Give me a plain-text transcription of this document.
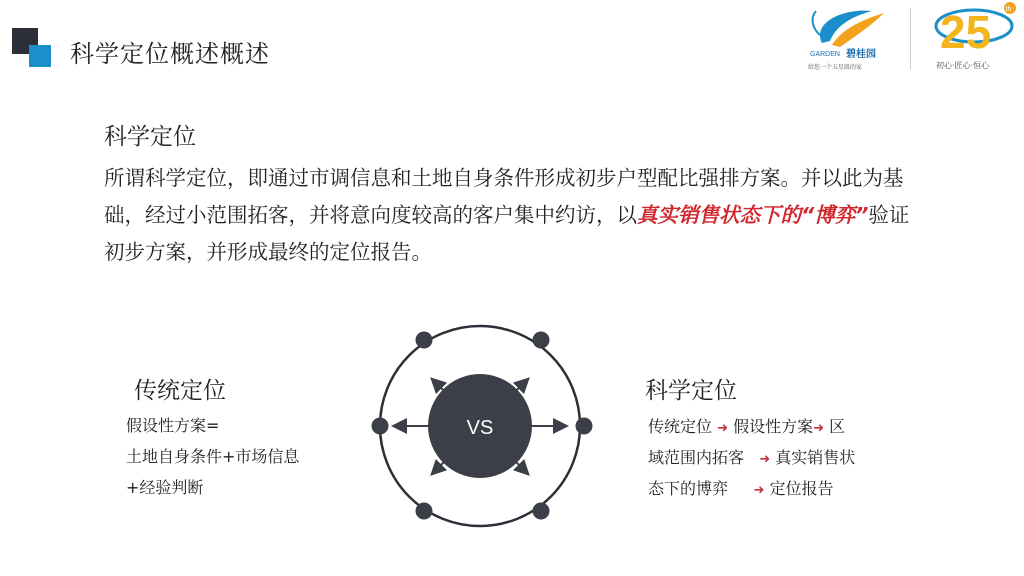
科学定位概述概述	GARDEN 碧桂园
给您一个五星级的家
25 th
初心·匠心·恒心
科学定位
所谓科学定位，即通过市调信息和土地自身条件形成初步户型配比强排方案。并以此为基础，经过小范围拓客，并将意向度较高的客户集中约访，以真实销售状态下的“博弈”验证初步方案，并形成最终的定位报告。
传统定位
假设性方案=
土地自身条件+市场信息
+经验判断
VS
科学定位
传统定位 ➜ 假设性方案➜ 区
域范围内拓客 ➜ 真实销售状
态下的博弈 ➜ 定位报告
